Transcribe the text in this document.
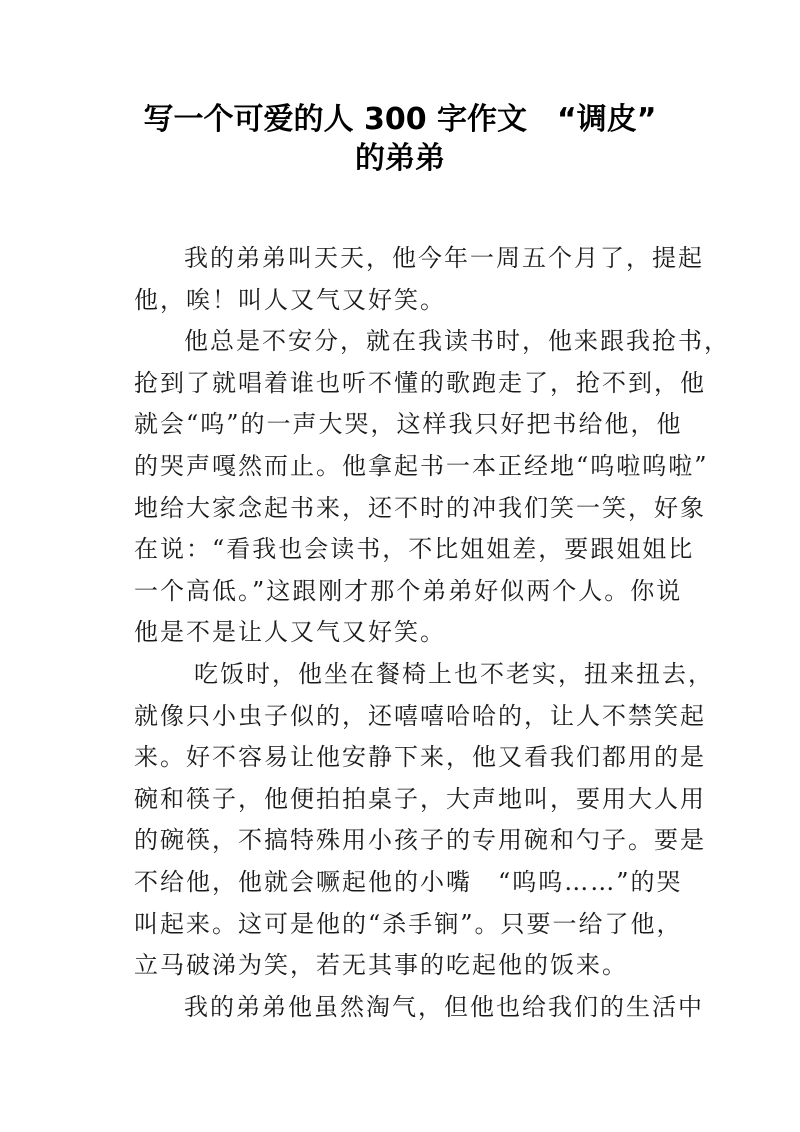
写一个可爱的人 300 字作文　“调皮”
的弟弟
我的弟弟叫天天，他今年一周五个月了，提起
他，唉！叫人又气又好笑。
他总是不安分，就在我读书时，他来跟我抢书，
抢到了就唱着谁也听不懂的歌跑走了，抢不到，他
就会“呜”的一声大哭，这样我只好把书给他，他
的哭声嘎然而止。他拿起书一本正经地“呜啦呜啦”
地给大家念起书来，还不时的冲我们笑一笑，好象
在说：“看我也会读书，不比姐姐差，要跟姐姐比
一个高低。”这跟刚才那个弟弟好似两个人。你说
他是不是让人又气又好笑。
吃饭时，他坐在餐椅上也不老实，扭来扭去，
就像只小虫子似的，还嘻嘻哈哈的，让人不禁笑起
来。好不容易让他安静下来，他又看我们都用的是
碗和筷子，他便拍拍桌子，大声地叫，要用大人用
的碗筷，不搞特殊用小孩子的专用碗和勺子。要是
不给他，他就会噘起他的小嘴　“呜呜……”的哭
叫起来。这可是他的“杀手锏”。只要一给了他，
立马破涕为笑，若无其事的吃起他的饭来。
我的弟弟他虽然淘气，但他也给我们的生活中
